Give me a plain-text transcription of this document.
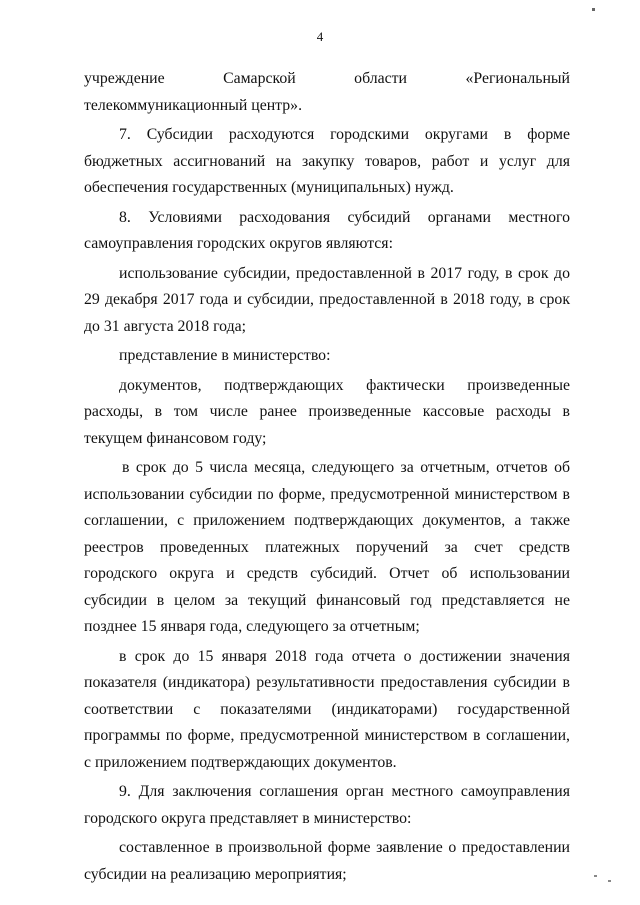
4

учреждение Самарской области «Региональный телекоммуникационный центр».

7. Субсидии расходуются городскими округами в форме бюджетных ассигнований на закупку товаров, работ и услуг для обеспечения государственных (муниципальных) нужд.

8. Условиями расходования субсидий органами местного самоуправления городских округов являются:

использование субсидии, предоставленной в 2017 году, в срок до 29 декабря 2017 года и субсидии, предоставленной в 2018 году, в срок до 31 августа 2018 года;

представление в министерство:

документов, подтверждающих фактически произведенные расходы, в том числе ранее произведенные кассовые расходы в текущем финансовом году;

в срок до 5 числа месяца, следующего за отчетным, отчетов об использовании субсидии по форме, предусмотренной министерством в соглашении, с приложением подтверждающих документов, а также реестров проведенных платежных поручений за счет средств городского округа и средств субсидий. Отчет об использовании субсидии в целом за текущий финансовый год представляется не позднее 15 января года, следующего за отчетным;

в срок до 15 января 2018 года отчета о достижении значения показателя (индикатора) результативности предоставления субсидии в соответствии с показателями (индикаторами) государственной программы по форме, предусмотренной министерством в соглашении, с приложением подтверждающих документов.

9. Для заключения соглашения орган местного самоуправления городского округа представляет в министерство:

составленное в произвольной форме заявление о предоставлении субсидии на реализацию мероприятия;
